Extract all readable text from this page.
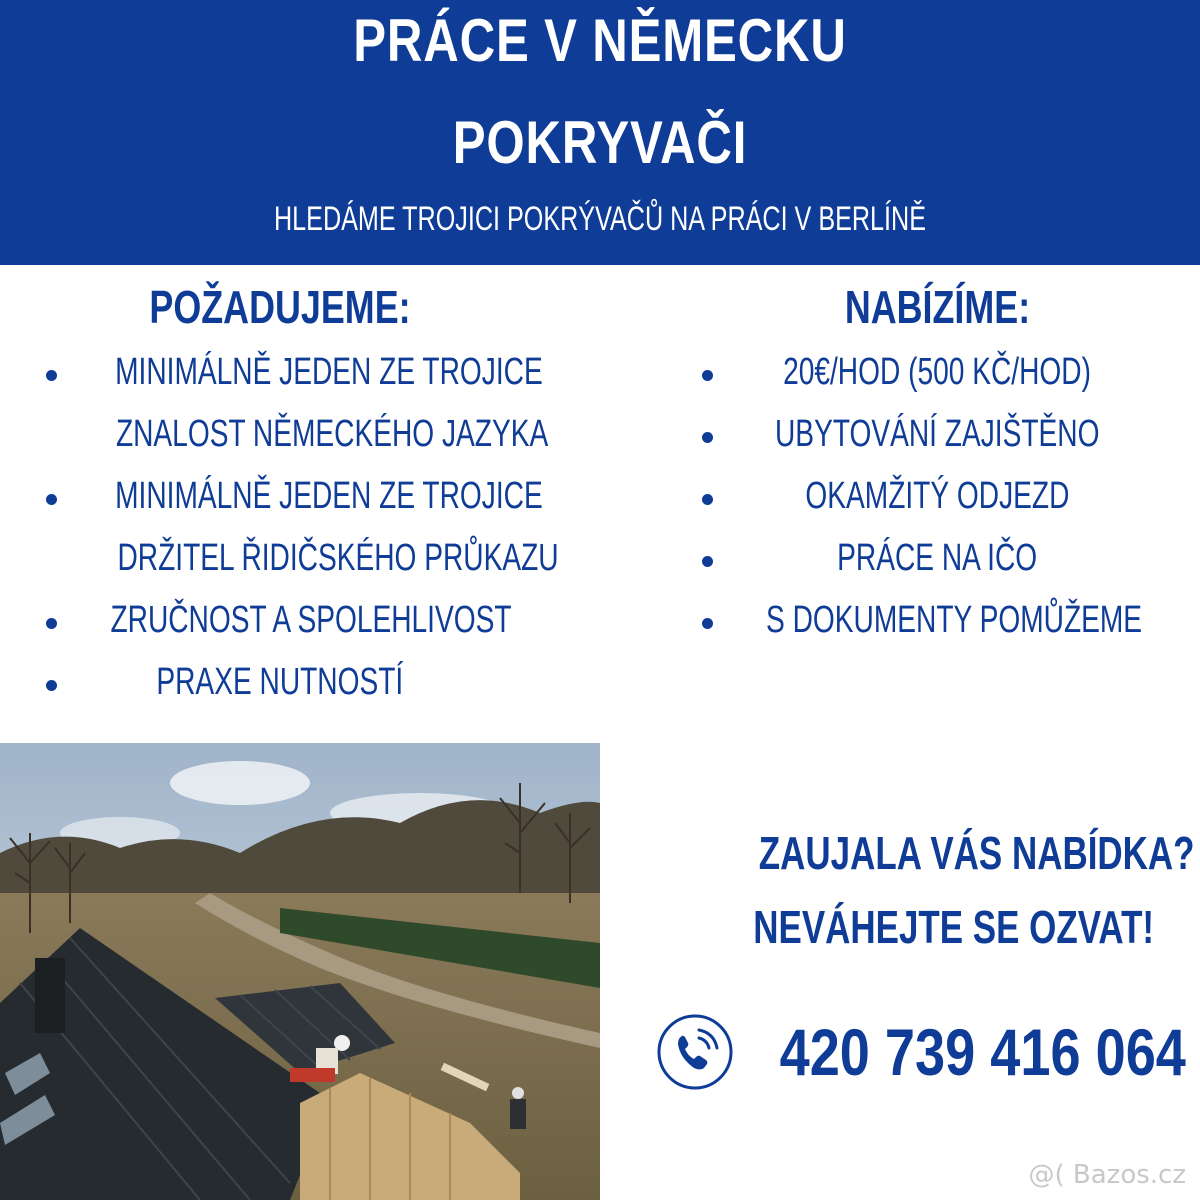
PRÁCE V NĚMECKU
POKRYVAČI
HLEDÁME TROJICI POKRÝVAČŮ NA PRÁCI V BERLÍNĚ
POŽADUJEME:
MINIMÁLNĚ JEDEN ZE TROJICE
ZNALOST NĚMECKÉHO JAZYKA
MINIMÁLNĚ JEDEN ZE TROJICE
DRŽITEL ŘIDIČSKÉHO PRŮKAZU
ZRUČNOST A SPOLEHLIVOST
PRAXE NUTNOSTÍ
NABÍZÍME:
20€/HOD (500 KČ/HOD)
UBYTOVÁNÍ ZAJIŠTĚNO
OKAMŽITÝ ODJEZD
PRÁCE NA IČO
S DOKUMENTY POMŮŽEME
ZAUJALA VÁS NABÍDKA?
NEVÁHEJTE SE OZVAT!
420 739 416 064
@( Bazos.cz
